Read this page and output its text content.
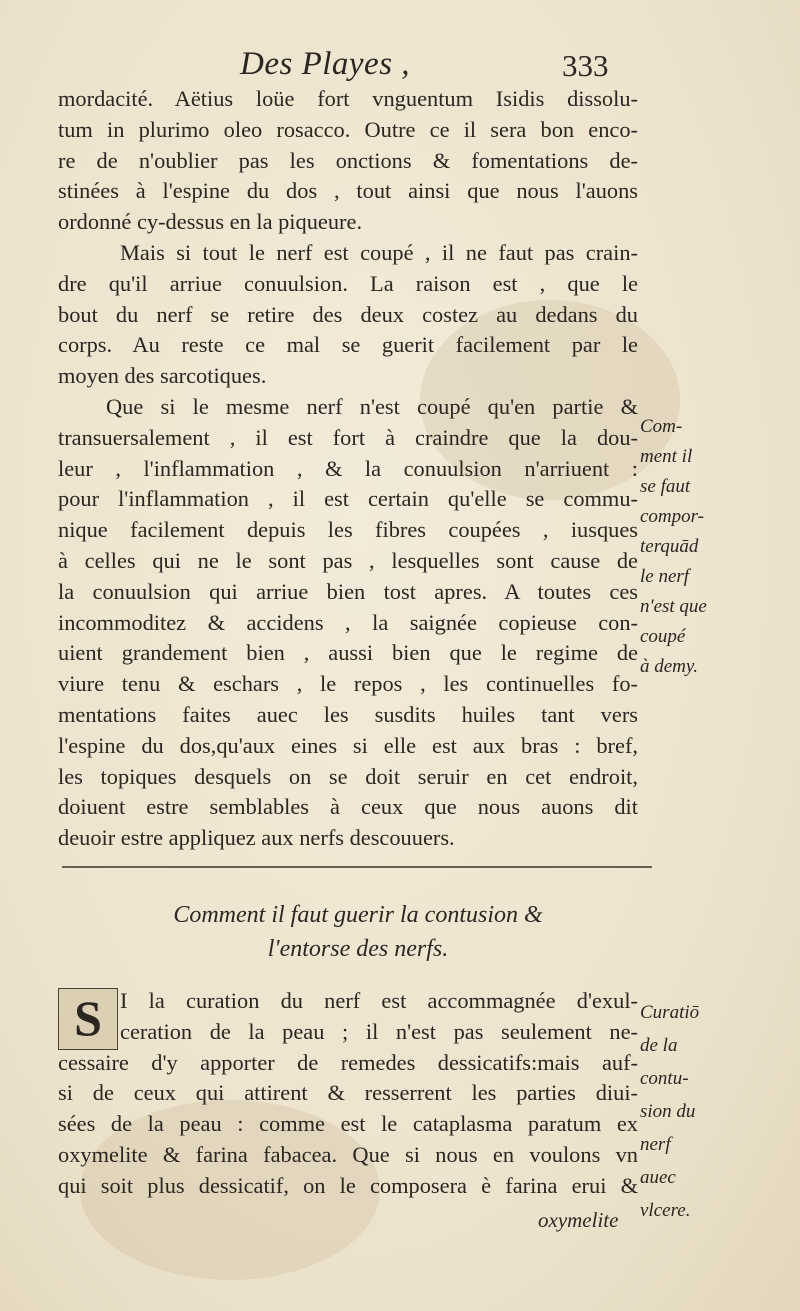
Des Playes ,	333
mordacité. Aëtius loüe fort vnguentum Isidis dissolu-
tum in plurimo oleo rosacco. Outre ce il sera bon enco-
re de n'oublier pas les onctions & fomentations de-
stinées à l'espine du dos , tout ainsi que nous l'auons
ordonné cy-dessus en la piqueure.
Mais si tout le nerf est coupé , il ne faut pas crain-
dre qu'il arriue conuulsion. La raison est , que le
bout du nerf se retire des deux costez au dedans du
corps. Au reste ce mal se guerit facilement par le
moyen des sarcotiques.
Que si le mesme nerf n'est coupé qu'en partie &
transuersalement , il est fort à craindre que la dou-
leur , l'inflammation , & la conuulsion n'arriuent :
pour l'inflammation , il est certain qu'elle se commu-
nique facilement depuis les fibres coupées , iusques
à celles qui ne le sont pas , lesquelles sont cause de
la conuulsion qui arriue bien tost apres. A toutes ces
incommoditez & accidens , la saignée copieuse con-
uient grandement bien , aussi bien que le regime de
viure tenu & eschars , le repos , les continuelles fo-
mentations faites auec les susdits huiles tant vers
l'espine du dos,qu'aux eines si elle est aux bras : bref,
les topiques desquels on se doit seruir en cet endroit,
doiuent estre semblables à ceux que nous auons dit
deuoir estre appliquez aux nerfs descouuers.
Com-
ment il
se faut
compor-
terquād
le nerf
n'est que
coupé
à demy.
Comment il faut guerir la contusion &
l'entorse des nerfs.
S I la curation du nerf est accommagnée d'exul-
ceration de la peau ; il n'est pas seulement ne-
cessaire d'y apporter de remedes dessicatifs:mais auf-
si de ceux qui attirent & resserrent les parties diui-
sées de la peau : comme est le cataplasma paratum ex
oxymelite & farina fabacea. Que si nous en voulons vn
qui soit plus dessicatif, on le composera è farina erui &
Curatiō
de la
contu-
sion du
nerf
auec
vlcere.
oxymelite
